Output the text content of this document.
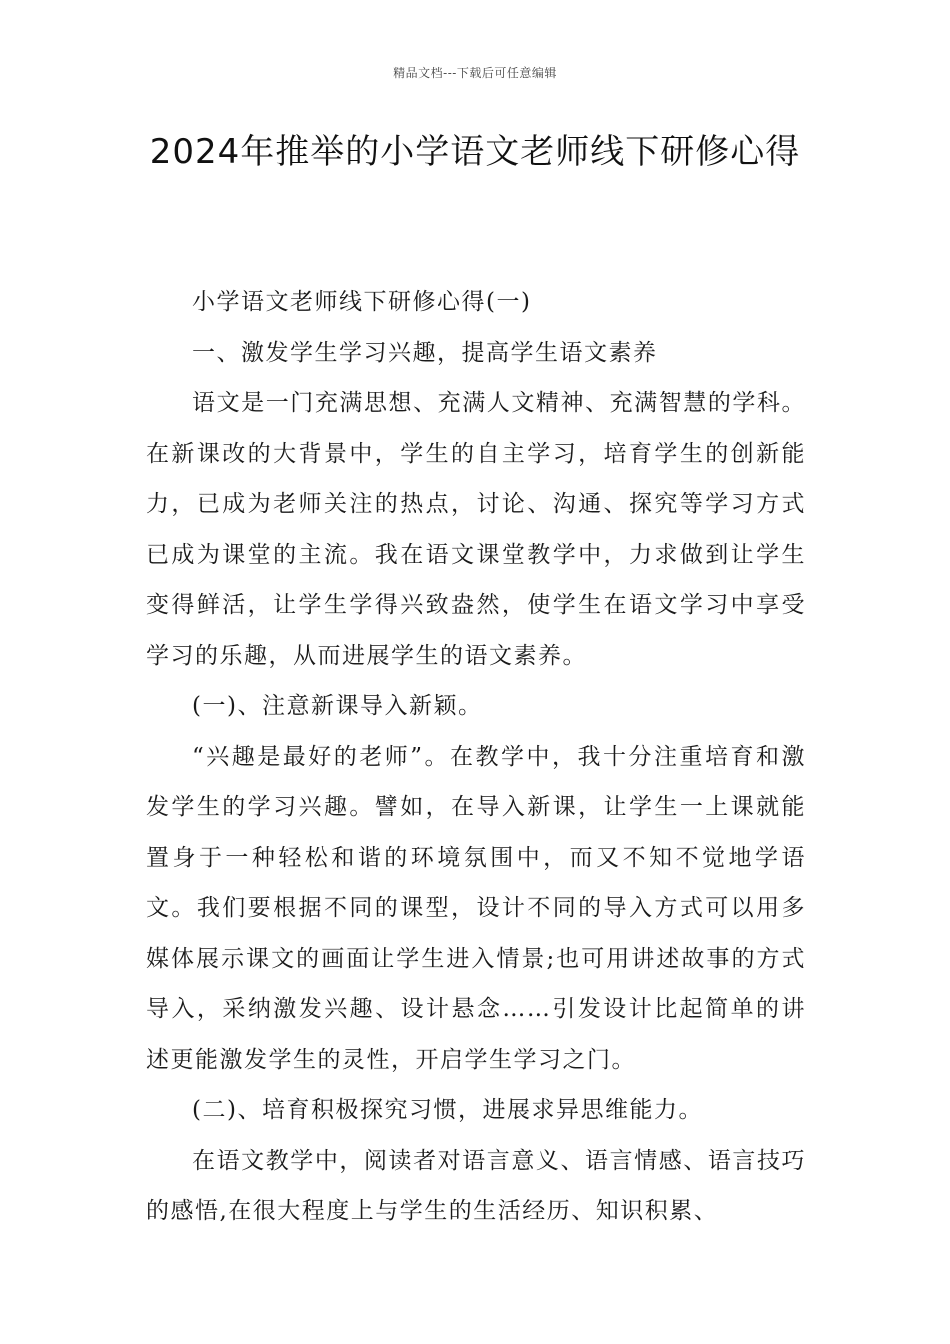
精品文档---下载后可任意编辑
2024年推举的小学语文老师线下研修心得

小学语文老师线下研修心得(一)

一、激发学生学习兴趣，提高学生语文素养

语文是一门充满思想、充满人文精神、充满智慧的学科。在新课改的大背景中，学生的自主学习，培育学生的创新能力，已成为老师关注的热点，讨论、沟通、探究等学习方式已成为课堂的主流。我在语文课堂教学中，力求做到让学生变得鲜活，让学生学得兴致盎然，使学生在语文学习中享受学习的乐趣，从而进展学生的语文素养。

(一)、注意新课导入新颖。

“兴趣是最好的老师”。在教学中，我十分注重培育和激发学生的学习兴趣。譬如，在导入新课，让学生一上课就能置身于一种轻松和谐的环境氛围中，而又不知不觉地学语文。我们要根据不同的课型，设计不同的导入方式可以用多媒体展示课文的画面让学生进入情景;也可用讲述故事的方式导入，采纳激发兴趣、设计悬念……引发设计比起简单的讲述更能激发学生的灵性，开启学生学习之门。

(二)、培育积极探究习惯，进展求异思维能力。

在语文教学中，阅读者对语言意义、语言情感、语言技巧的感悟,在很大程度上与学生的生活经历、知识积累、
